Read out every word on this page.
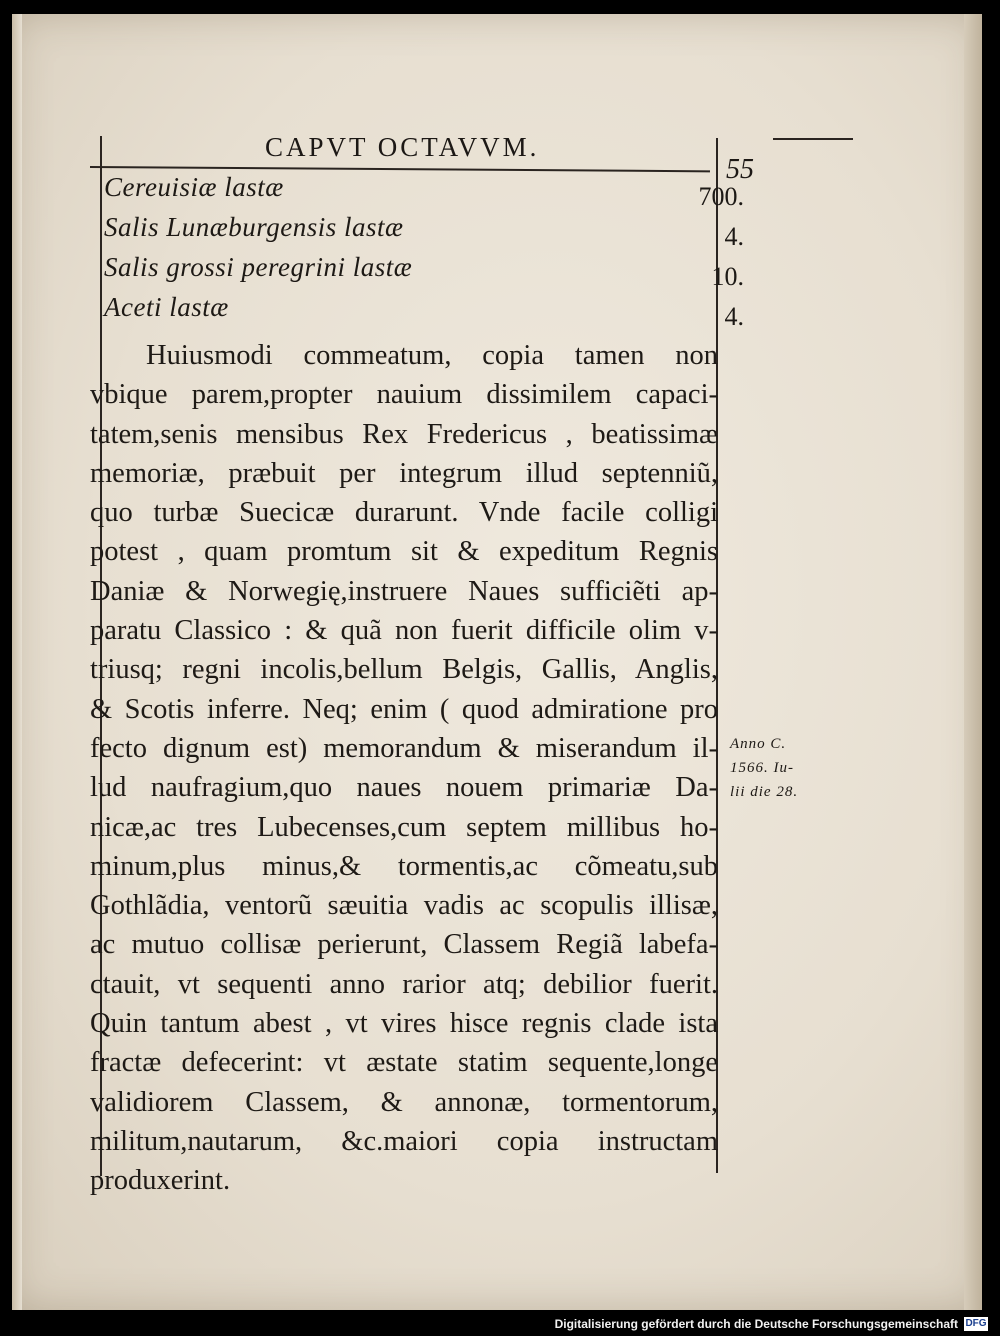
CAPVT OCTAVVM.
55
Cereuisiæ lastæ	700.
Salis Lunæburgensis lastæ	4.
Salis grossi peregrini lastæ	10.
Aceti lastæ	4.
Huiusmodi commeatum, copia tamen non
vbique parem,propter nauium dissimilem capaci-
tatem,senis mensibus Rex Fredericus , beatissimæ
memoriæ, præbuit per integrum illud septenniũ,
quo turbæ Suecicæ durarunt. Vnde facile colligi
potest , quam promtum sit & expeditum Regnis
Daniæ & Norwegię,instruere Naues sufficiẽti ap-
paratu Classico : & quã non fuerit difficile olim v-
triusq; regni incolis,bellum Belgis, Gallis, Anglis,
& Scotis inferre. Neq; enim ( quod admiratione pro
fecto dignum est) memorandum & miserandum il-
lud naufragium,quo naues nouem primariæ Da-
nicæ,ac tres Lubecenses,cum septem millibus ho-
minum,plus minus,& tormentis,ac cõmeatu,sub
Gothlãdia, ventorũ sæuitia vadis ac scopulis illisæ,
ac mutuo collisæ perierunt, Classem Regiã labefa-
ctauit, vt sequenti anno rarior atq; debilior fuerit.
Quin tantum abest , vt vires hisce regnis clade ista
fractæ defecerint: vt æstate statim sequente,longe
validiorem Classem, & annonæ, tormentorum,
militum,nautarum, &c.maiori copia instructam
produxerint.
Anno C.
1566. Iu-
lii die 28.
Digitalisierung gefördert durch die Deutsche Forschungsgemeinschaft DFG
